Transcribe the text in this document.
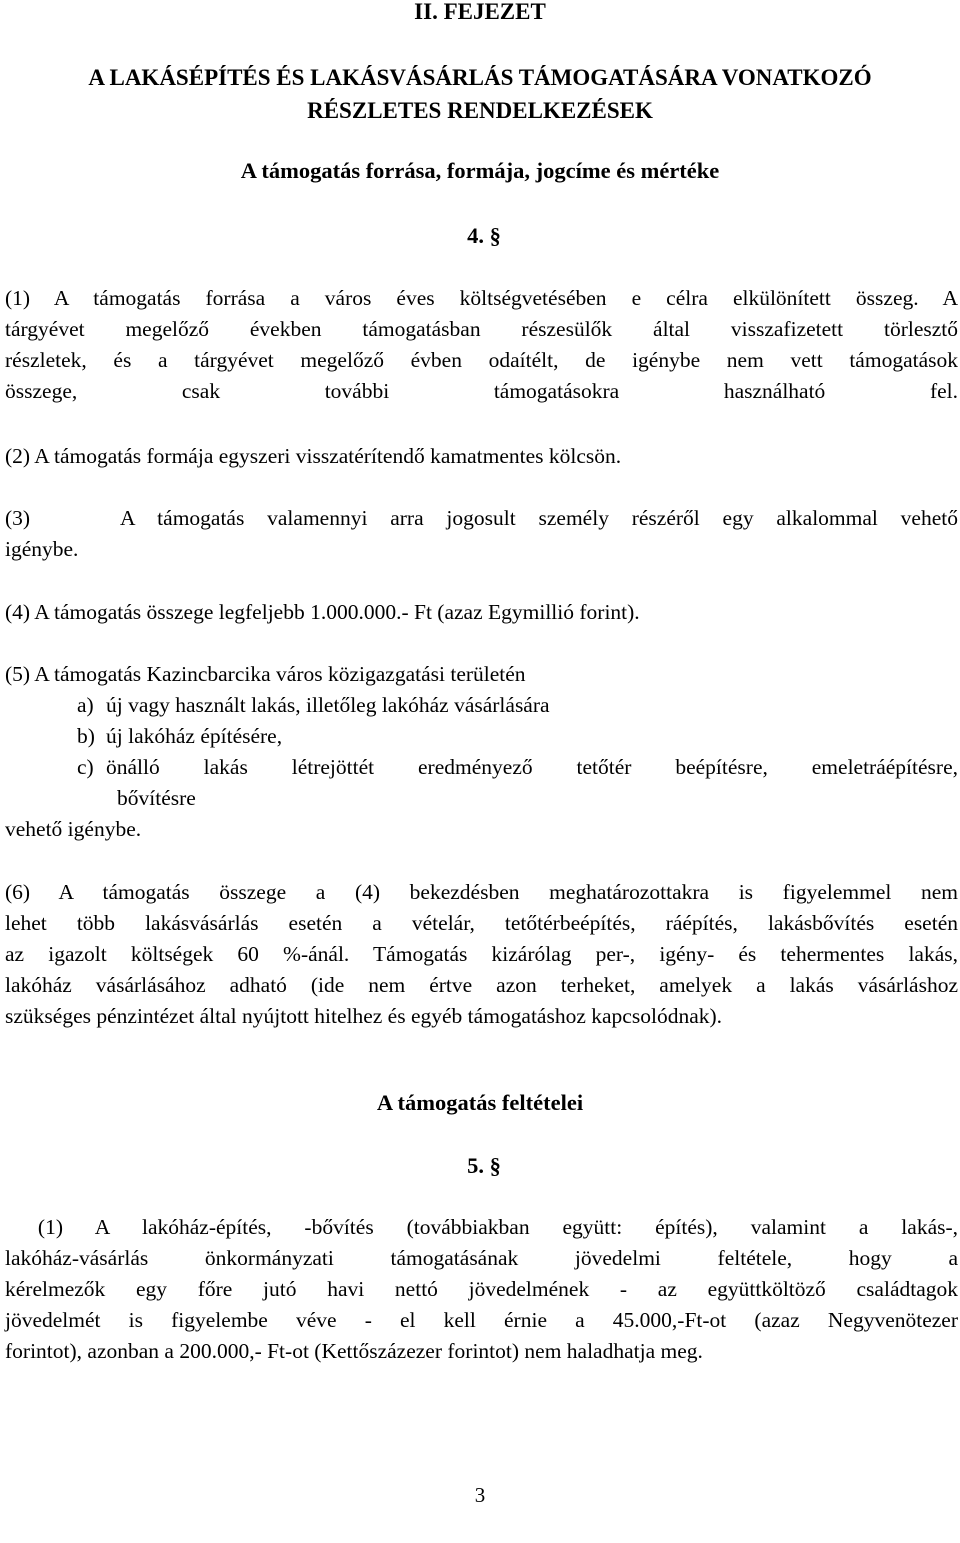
II. FEJEZET
A LAKÁSÉPÍTÉS ÉS LAKÁSVÁSÁRLÁS TÁMOGATÁSÁRA VONATKOZÓ
RÉSZLETES RENDELKEZÉSEK
A támogatás forrása, formája, jogcíme és mértéke
4. §
(1) A támogatás forrása a város éves költségvetésében e célra elkülönített összeg. A
tárgyévet megelőző években támogatásban részesülők által visszafizetett törlesztő
részletek, és a tárgyévet megelőző évben odaítélt, de igénybe nem vett támogatások
összege, csak további támogatásokra használható fel.
(2) A támogatás formája egyszeri visszatérítendő kamatmentes kölcsön.
(3)    A támogatás valamennyi arra jogosult személy részéről egy alkalommal vehető
igénybe.
(4) A támogatás összege legfeljebb 1.000.000.- Ft (azaz Egymillió forint).
(5) A támogatás Kazincbarcika város közigazgatási területén
a) új vagy használt lakás, illetőleg lakóház vásárlására
b) új lakóház építésére,
c) önálló lakás létrejöttét eredményező tetőtér beépítésre, emeletráépítésre,
bővítésre
vehető igénybe.
(6) A támogatás összege a (4) bekezdésben meghatározottakra is figyelemmel nem
lehet több lakásvásárlás esetén a vételár, tetőtérbeépítés, ráépítés, lakásbővítés esetén
az igazolt költségek 60 %-ánál. Támogatás kizárólag per-, igény- és tehermentes lakás,
lakóház vásárlásához adható (ide nem értve azon terheket, amelyek a lakás vásárláshoz
szükséges pénzintézet által nyújtott hitelhez és egyéb támogatáshoz kapcsolódnak).
A támogatás feltételei
5. §
(1) A lakóház-építés, -bővítés (továbbiakban együtt: építés), valamint a lakás-,
lakóház-vásárlás önkormányzati támogatásának jövedelmi feltétele, hogy a
kérelmezők egy főre jutó havi nettó jövedelmének - az együttköltöző családtagok
jövedelmét is figyelembe véve - el kell érnie a 45.000,-Ft-ot (azaz Negyvenötezer
forintot), azonban a 200.000,- Ft-ot (Kettőszázezer forintot) nem haladhatja meg.
3
